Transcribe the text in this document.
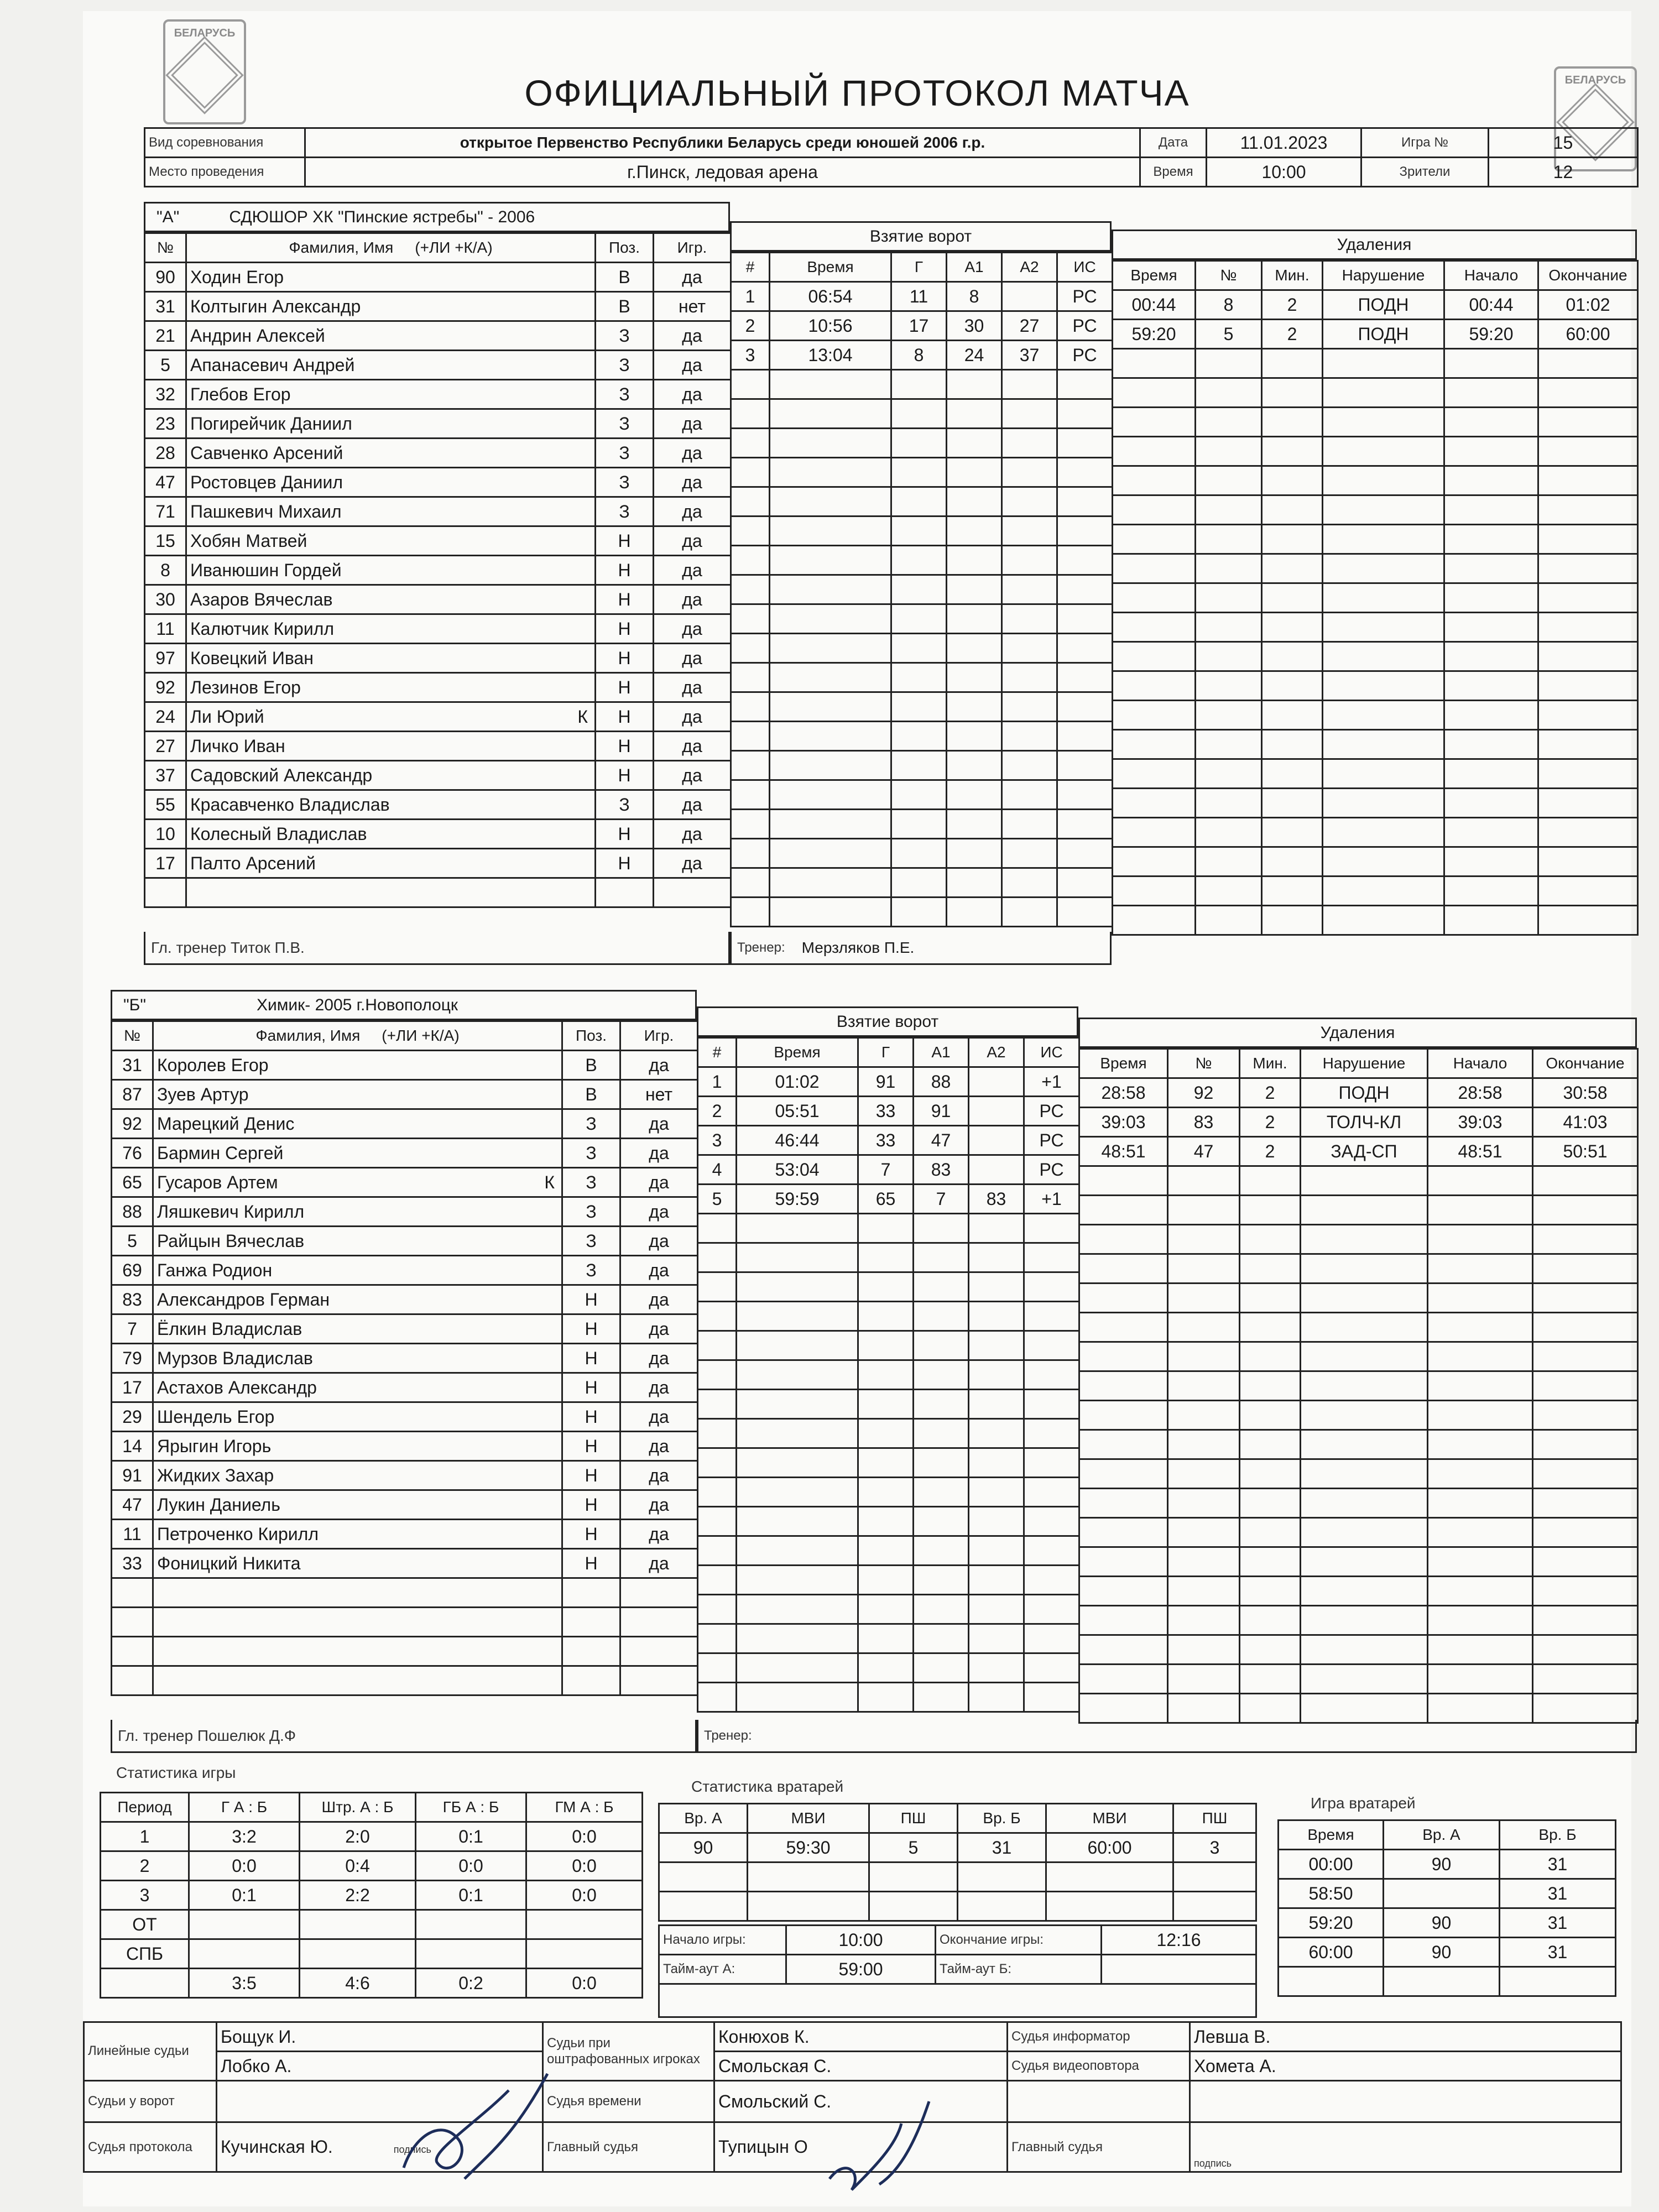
БЕЛАРУСЬ
БЕЛАРУСЬ
ОФИЦИАЛЬНЫЙ ПРОТОКОЛ МАТЧА
Вид соревнования	открытое Первенство Республики Беларусь среди юношей 2006 г.р.	Дата	11.01.2023	Игра №	15
Место проведения	г.Пинск, ледовая арена	Время	10:00	Зрители	12
"А"	СДЮШОР ХК "Пинские ястребы" - 2006
№	Фамилия, Имя (+ЛИ +К/А)	Поз.	Игр.
90	Ходин Егор	В	да
31	Колтыгин Александр	В	нет
21	Андрин Алексей	З	да
5	Апанасевич Андрей	З	да
32	Глебов Егор	З	да
23	Погирейчик Даниил	З	да
28	Савченко Арсений	З	да
47	Ростовцев Даниил	З	да
71	Пашкевич Михаил	З	да
15	Хобян Матвей	Н	да
8	Иванюшин Гордей	Н	да
30	Азаров Вячеслав	Н	да
11	Калютчик Кирилл	Н	да
97	Ковецкий Иван	Н	да
92	Лезинов Егор	Н	да
24	Ли Юрий К	Н	да
27	Личко Иван	Н	да
37	Садовский Александр	Н	да
55	Красавченко Владислав	З	да
10	Колесный Владислав	Н	да
17	Палто Арсений	Н	да

Гл. тренер Титок П.В.
Взятие ворот
#	Время	Г	А1	А2	ИС
1	06:54	11	8		РС
2	10:56	17	30	27	РС
3	13:04	8	24	37	РС

Тренер: Мерзляков П.Е.
Удаления
Время	№	Мин.	Нарушение	Начало	Окончание
00:44	8	2	ПОДН	00:44	01:02
59:20	5	2	ПОДН	59:20	60:00

"Б"	Химик- 2005 г.Новополоцк
№	Фамилия, Имя (+ЛИ +К/А)	Поз.	Игр.
31	Королев Егор	В	да
87	Зуев Артур	В	нет
92	Марецкий Денис	З	да
76	Бармин Сергей	З	да
65	Гусаров Артем К	З	да
88	Ляшкевич Кирилл	З	да
5	Райцын Вячеслав	З	да
69	Ганжа Родион	З	да
83	Александров Герман	Н	да
7	Ёлкин Владислав	Н	да
79	Мурзов Владислав	Н	да
17	Астахов Александр	Н	да
29	Шендель Егор	Н	да
14	Ярыгин Игорь	Н	да
91	Жидких Захар	Н	да
47	Лукин Даниель	Н	да
11	Петроченко Кирилл	Н	да
33	Фоницкий Никита	Н	да

Гл. тренер Пошелюк Д.Ф
Взятие ворот
#	Время	Г	А1	А2	ИС
1	01:02	91	88		+1
2	05:51	33	91		РС
3	46:44	33	47		РС
4	53:04	7	83		РС
5	59:59	65	7	83	+1

Тренер:
Удаления
Время	№	Мин.	Нарушение	Начало	Окончание
28:58	92	2	ПОДН	28:58	30:58
39:03	83	2	ТОЛЧ-КЛ	39:03	41:03
48:51	47	2	ЗАД-СП	48:51	50:51

Статистика игры
Период	Г А : Б	Штр. А : Б	ГБ А : Б	ГМ А : Б
1	3:2	2:0	0:1	0:0
2	0:0	0:4	0:0	0:0
3	0:1	2:2	0:1	0:0
ОТ				
СПБ				
	3:5	4:6	0:2	0:0
Статистика вратарей
Вр. А	МВИ	ПШ	Вр. Б	МВИ	ПШ
90	59:30	5	31	60:00	3

Начало игры:	10:00	Окончание игры:	12:16
Тайм-аут А:	59:00	Тайм-аут Б:	

Игра вратарей
Время	Вр. А	Вр. Б
00:00	90	31
58:50		31
59:20	90	31
60:00	90	31

Линейные судьи	Бощук И.	Судьи при оштрафованных игроках	Конюхов К.	Судья информатор	Левша В.
	Лобко А.		Смольская С.	Судья видеоповтора	Хомета А.
Судьи у ворот		Судья времени	Смольский С.		
Судья протокола	Кучинская Ю. подпись	Главный судья	Тупицын О	Главный судья	подпись
